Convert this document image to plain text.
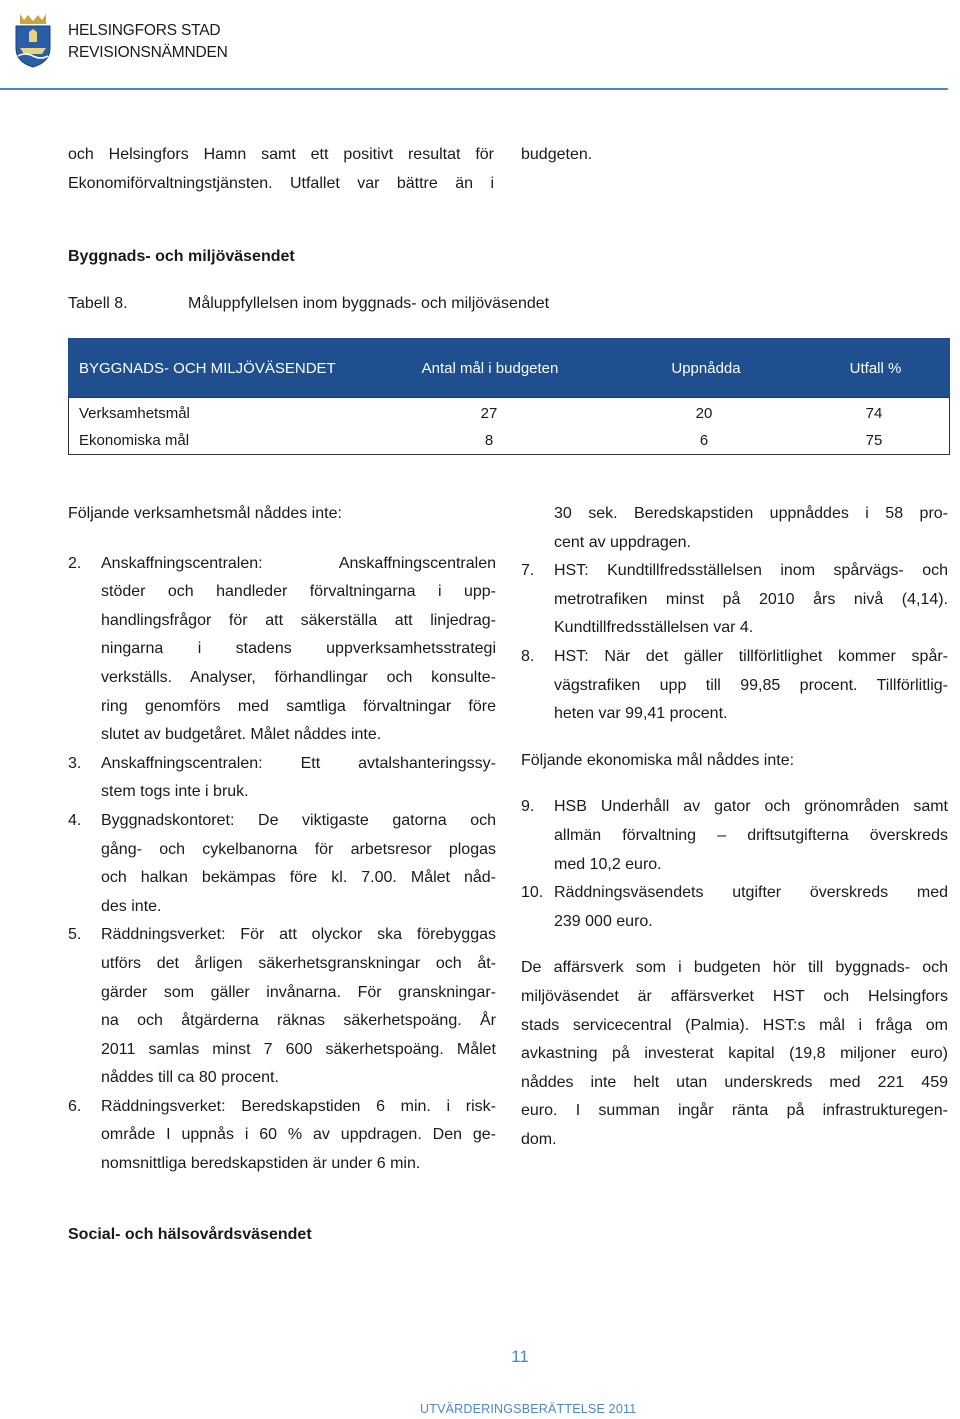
HELSINGFORS STAD
REVISIONSNÄMNDEN
och Helsingfors Hamn samt ett positivt resultat för
Ekonomiförvaltningstjänsten. Utfallet var bättre än i
budgeten.
Byggnads- och miljöväsendet
Tabell 8.	Måluppfyllelsen inom byggnads- och miljöväsendet
BYGGNADS- OCH MILJÖVÄSENDET	Antal mål i budgeten	Uppnådda	Utfall %
Verksamhetsmål	27	20	74
Ekonomiska mål	8	6	75
Följande verksamhetsmål nåddes inte:
2.	Anskaffningscentralen: Anskaffningscentralen
stöder och handleder förvaltningarna i upp-
handlingsfrågor för att säkerställa att linjedrag-
ningarna i stadens uppverksamhetsstrategi
verkställs. Analyser, förhandlingar och konsulte-
ring genomförs med samtliga förvaltningar före
slutet av budgetåret. Målet nåddes inte.
3.	Anskaffningscentralen: Ett avtalshanteringssy-
stem togs inte i bruk.
4.	Byggnadskontoret: De viktigaste gatorna och
gång- och cykelbanorna för arbetsresor plogas
och halkan bekämpas före kl. 7.00. Målet nåd-
des inte.
5.	Räddningsverket: För att olyckor ska förebyggas
utförs det årligen säkerhetsgranskningar och åt-
gärder som gäller invånarna. För granskningar-
na och åtgärderna räknas säkerhetspoäng. År
2011 samlas minst 7 600 säkerhetspoäng. Målet
nåddes till ca 80 procent.
6.	Räddningsverket: Beredskapstiden 6 min. i risk-
område I uppnås i 60 % av uppdragen. Den ge-
nomsnittliga beredskapstiden är under 6 min.
30 sek. Beredskapstiden uppnåddes i 58 pro-
cent av uppdragen.
7.	HST: Kundtillfredsställelsen inom spårvägs- och
metrotrafiken minst på 2010 års nivå (4,14).
Kundtillfredsställelsen var 4.
8.	HST: När det gäller tillförlitlighet kommer spår-
vägstrafiken upp till 99,85 procent. Tillförlitlig-
heten var 99,41 procent.
Följande ekonomiska mål nåddes inte:
9.	HSB Underhåll av gator och grönområden samt
allmän förvaltning – driftsutgifterna överskreds
med 10,2 euro.
10. Räddningsväsendets utgifter överskreds med
239 000 euro.
De affärsverk som i budgeten hör till byggnads- och
miljöväsendet är affärsverket HST och Helsingfors
stads servicecentral (Palmia). HST:s mål i fråga om
avkastning på investerat kapital (19,8 miljoner euro)
nåddes inte helt utan underskreds med 221 459
euro. I summan ingår ränta på infrastrukturegen-
dom.
Social- och hälsovårdsväsendet
11
UTVÄRDERINGSBERÄTTELSE 2011
